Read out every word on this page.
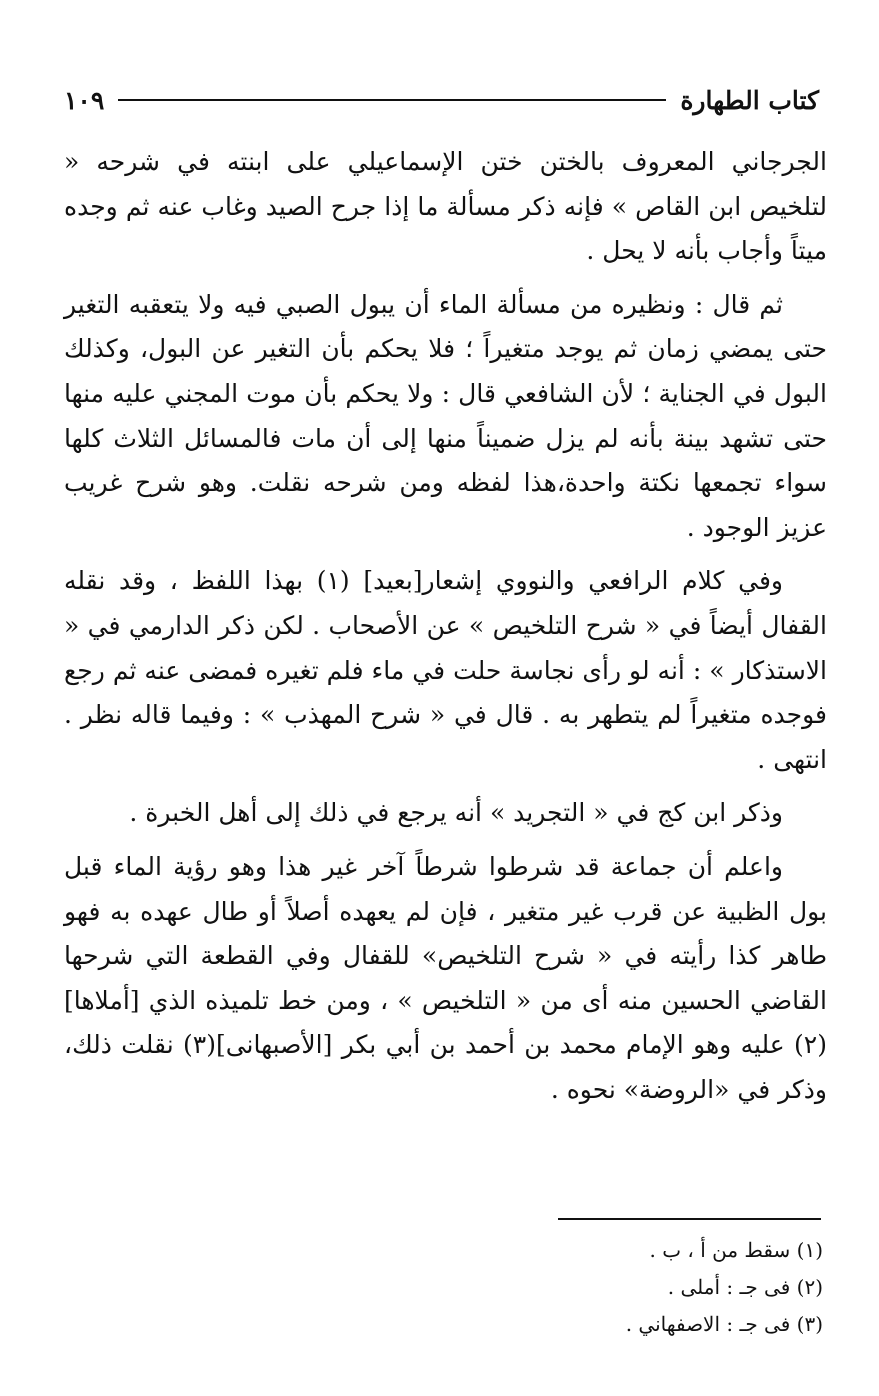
كتاب الطهارة
١٠٩

الجرجاني المعروف بالختن ختن الإسماعيلي على ابنته في شرحه « لتلخيص ابن القاص » فإنه ذكر مسألة ما إذا جرح الصيد وغاب عنه ثم وجده ميتاً وأجاب بأنه لا يحل .

ثم قال : ونظيره من مسألة الماء أن يبول الصبي فيه ولا يتعقبه التغير حتى يمضي زمان ثم يوجد متغيراً ؛ فلا يحكم بأن التغير عن البول، وكذلك البول في الجناية ؛ لأن الشافعي قال : ولا يحكم بأن موت المجني عليه منها حتى تشهد بينة بأنه لم يزل ضميناً منها إلى أن مات فالمسائل الثلاث كلها سواء تجمعها نكتة واحدة،هذا لفظه ومن شرحه نقلت. وهو شرح غريب عزيز الوجود .

وفي كلام الرافعي والنووي إشعار[بعيد] (١) بهذا اللفظ ، وقد نقله القفال أيضاً في « شرح التلخيص » عن الأصحاب . لكن ذكر الدارمي في « الاستذكار » : أنه لو رأى نجاسة حلت في ماء فلم تغيره فمضى عنه ثم رجع فوجده متغيراً لم يتطهر به . قال في « شرح المهذب » : وفيما قاله نظر . انتهى .

وذكر ابن كج في « التجريد » أنه يرجع في ذلك إلى أهل الخبرة .

واعلم أن جماعة قد شرطوا شرطاً آخر غير هذا وهو رؤية الماء قبل بول الظبية عن قرب غير متغير ، فإن لم يعهده أصلاً أو طال عهده به فهو طاهر كذا رأيته في « شرح التلخيص» للقفال وفي القطعة التي شرحها القاضي الحسين منه أى من « التلخيص » ، ومن خط تلميذه الذي [أملاها](٢) عليه وهو الإمام محمد بن أحمد بن أبي بكر [الأصبهانى](٣) نقلت ذلك، وذكر في «الروضة» نحوه .

(١) سقط من أ ، ب .
(٢) فى جـ : أملى .
(٣) فى جـ : الاصفهاني .
